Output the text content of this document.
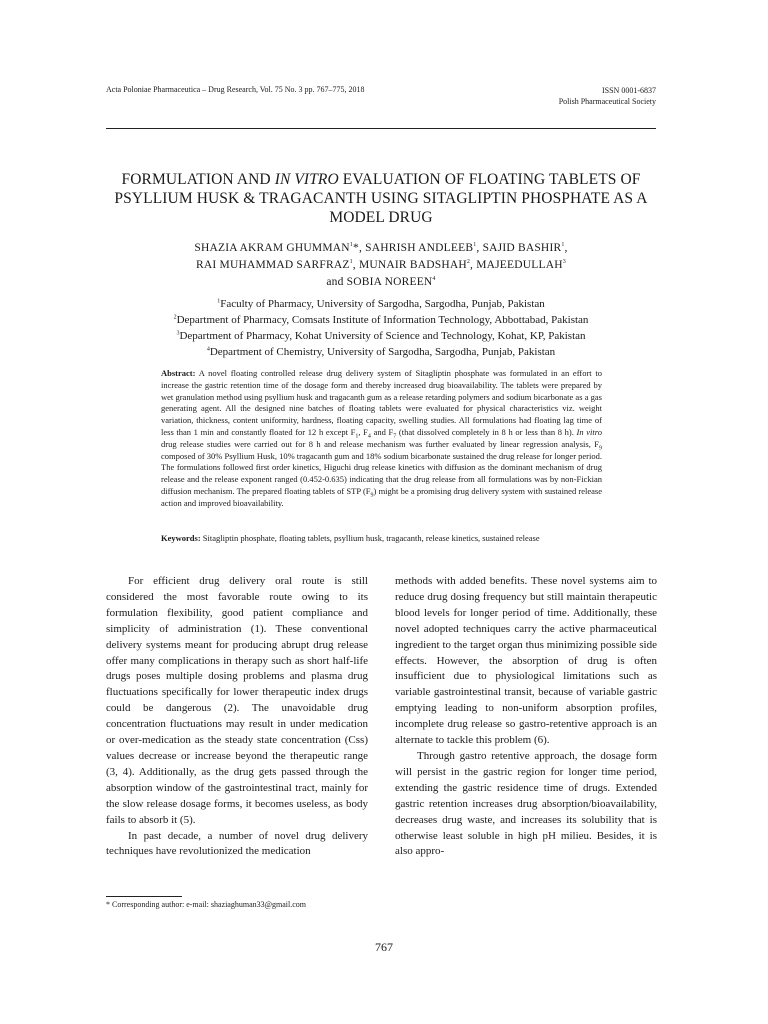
Acta Poloniae Pharmaceutica – Drug Research, Vol. 75 No. 3 pp. 767–775, 2018	ISSN 0001-6837
Polish Pharmaceutical Society
FORMULATION AND IN VITRO EVALUATION OF FLOATING TABLETS OF PSYLLIUM HUSK & TRAGACANTH USING SITAGLIPTIN PHOSPHATE AS A MODEL DRUG
SHAZIA AKRAM GHUMMAN$^1$*, SAHRISH ANDLEEB$^1$, SAJID BASHIR$^1$,
RAI MUHAMMAD SARFRAZ$^1$, MUNAIR BADSHAH$^2$, MAJEEDULLAH$^3$
and SOBIA NOREEN$^4$
$^1$Faculty of Pharmacy, University of Sargodha, Sargodha, Punjab, Pakistan
$^2$Department of Pharmacy, Comsats Institute of Information Technology, Abbottabad, Pakistan
$^3$Department of Pharmacy, Kohat University of Science and Technology, Kohat, KP, Pakistan
$^4$Department of Chemistry, University of Sargodha, Sargodha, Punjab, Pakistan
Abstract: A novel floating controlled release drug delivery system of Sitagliptin phosphate was formulated in an effort to increase the gastric retention time of the dosage form and thereby increased drug bioavailability. The tablets were prepared by wet granulation method using psyllium husk and tragacanth gum as a release retarding polymers and sodium bicarbonate as a gas generating agent. All the designed nine batches of floating tablets were evaluated for physical characteristics viz. weight variation, thickness, content uniformity, hardness, floating capacity, swelling studies. All formulations had floating lag time of less than 1 min and constantly floated for 12 h except $F_1$, $F_4$ and $F_7$ (that dissolved completely in 8 h or less than 8 h). In vitro drug release studies were carried out for 8 h and release mechanism was further evaluated by linear regression analysis, $F_9$ composed of 30% Psyllium Husk, 10% tragacanth gum and 18% sodium bicarbonate sustained the drug release for longer period. The formulations followed first order kinetics, Higuchi drug release kinetics with diffusion as the dominant mechanism of drug release and the release exponent ranged (0.452-0.635) indicating that the drug release from all formulations was by non-Fickian diffusion mechanism. The prepared floating tablets of STP $(F_9)$ might be a promising drug delivery system with sustained release action and improved bioavailability.
Keywords: Sitagliptin phosphate, floating tablets, psyllium husk, tragacanth, release kinetics, sustained release

For efficient drug delivery oral route is still considered the most favorable route owing to its formulation flexibility, good patient compliance and simplicity of administration (1). These conventional delivery systems meant for producing abrupt drug release offer many complications in therapy such as short half-life drugs poses multiple dosing problems and plasma drug fluctuations specifically for lower therapeutic index drugs could be dangerous (2). The unavoidable drug concentration fluctuations may result in under medication or over-medication as the steady state concentration (Css) values decrease or increase beyond the therapeutic range (3, 4). Additionally, as the drug gets passed through the absorption window of the gastrointestinal tract, mainly for the slow release dosage forms, it becomes useless, as body fails to absorb it (5).

In past decade, a number of novel drug delivery techniques have revolutionized the medication

methods with added benefits. These novel systems aim to reduce drug dosing frequency but still maintain therapeutic blood levels for longer period of time. Additionally, these novel adopted techniques carry the active pharmaceutical ingredient to the target organ thus minimizing possible side effects. However, the absorption of drug is often insufficient due to physiological limitations such as variable gastrointestinal transit, because of variable gastric emptying leading to non-uniform absorption profiles, incomplete drug release so gastro-retentive approach is an alternate to tackle this problem (6).

Through gastro retentive approach, the dosage form will persist in the gastric region for longer time period, extending the gastric residence time of drugs. Extended gastric retention increases drug absorption/bioavailability, decreases drug waste, and increases its solubility that is otherwise least soluble in high pH milieu. Besides, it is also appro-

* Corresponding author: e-mail: shaziaghuman33@gmail.com
767
